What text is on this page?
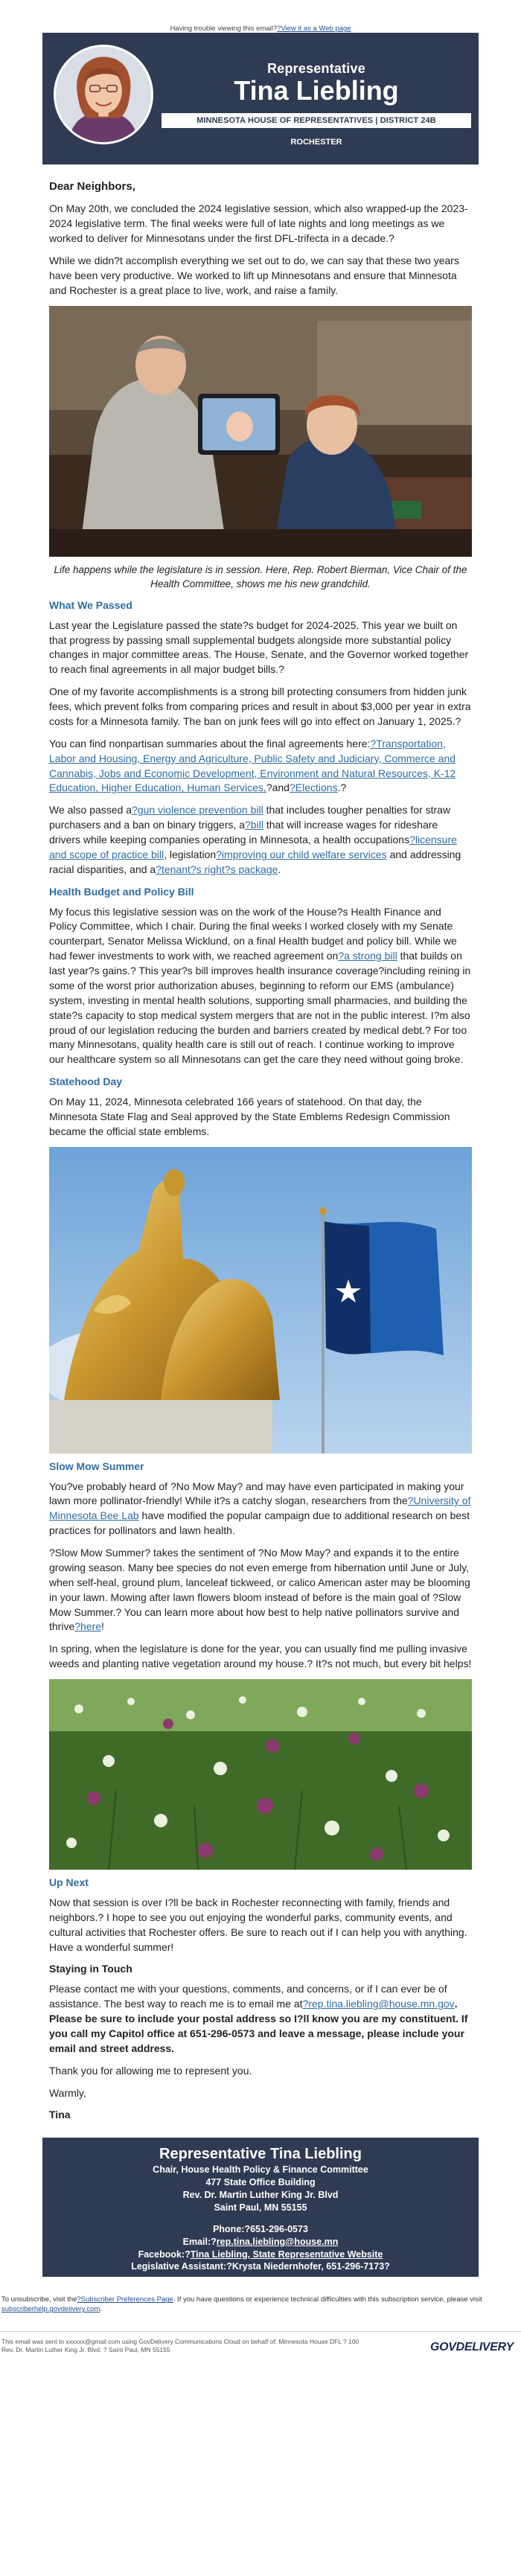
Having trouble viewing this email??View it as a Web page
Representative
Tina Liebling
MINNESOTA HOUSE OF REPRESENTATIVES | DISTRICT 24B
ROCHESTER

Dear Neighbors,

On May 20th, we concluded the 2024 legislative session, which also wrapped-up the 2023-2024 legislative term. The final weeks were full of late nights and long meetings as we worked to deliver for Minnesotans under the first DFL-trifecta in a decade.?

While we didn?t accomplish everything we set out to do, we can say that these two years have been very productive. We worked to lift up Minnesotans and ensure that Minnesota and Rochester is a great place to live, work, and raise a family.

Life happens while the legislature is in session. Here, Rep. Robert Bierman, Vice Chair of the Health Committee, shows me his new grandchild.

What We Passed

Last year the Legislature passed the state?s budget for 2024-2025. This year we built on that progress by passing small supplemental budgets alongside more substantial policy changes in major committee areas. The House, Senate, and the Governor worked together to reach final agreements in all major budget bills.?

One of my favorite accomplishments is a strong bill protecting consumers from hidden junk fees, which prevent folks from comparing prices and result in about $3,000 per year in extra costs for a Minnesota family. The ban on junk fees will go into effect on January 1, 2025.?

You can find nonpartisan summaries about the final agreements here:?Transportation, Labor and Housing, Energy and Agriculture, Public Safety and Judiciary, Commerce and Cannabis, Jobs and Economic Development, Environment and Natural Resources, K-12 Education, Higher Education, Human Services,?and?Elections.?

We also passed a?gun violence prevention bill that includes tougher penalties for straw purchasers and a ban on binary triggers, a?bill that will increase wages for rideshare drivers while keeping companies operating in Minnesota, a health occupations?licensure and scope of practice bill, legislation?improving our child welfare services and addressing racial disparities, and a?tenant?s right?s package.

Health Budget and Policy Bill

My focus this legislative session was on the work of the House?s Health Finance and Policy Committee, which I chair. During the final weeks I worked closely with my Senate counterpart, Senator Melissa Wicklund, on a final Health budget and policy bill. While we had fewer investments to work with, we reached agreement on?a strong bill that builds on last year?s gains.? This year?s bill improves health insurance coverage?including reining in some of the worst prior authorization abuses, beginning to reform our EMS (ambulance) system, investing in mental health solutions, supporting small pharmacies, and building the state?s capacity to stop medical system mergers that are not in the public interest. I?m also proud of our legislation reducing the burden and barriers created by medical debt.? For too many Minnesotans, quality health care is still out of reach. I continue working to improve our healthcare system so all Minnesotans can get the care they need without going broke.

Statehood Day

On May 11, 2024, Minnesota celebrated 166 years of statehood. On that day, the Minnesota State Flag and Seal approved by the State Emblems Redesign Commission became the official state emblems.

Slow Mow Summer

You?ve probably heard of ?No Mow May? and may have even participated in making your lawn more pollinator-friendly! While it?s a catchy slogan, researchers from the?University of Minnesota Bee Lab have modified the popular campaign due to additional research on best practices for pollinators and lawn health.

?Slow Mow Summer? takes the sentiment of ?No Mow May? and expands it to the entire growing season. Many bee species do not even emerge from hibernation until June or July, when self-heal, ground plum, lanceleaf tickweed, or calico American aster may be blooming in your lawn. Mowing after lawn flowers bloom instead of before is the main goal of ?Slow Mow Summer.? You can learn more about how best to help native pollinators survive and thrive?here!

In spring, when the legislature is done for the year, you can usually find me pulling invasive weeds and planting native vegetation around my house.? It?s not much, but every bit helps!

Up Next

Now that session is over I?ll be back in Rochester reconnecting with family, friends and neighbors.? I hope to see you out enjoying the wonderful parks, community events, and cultural activities that Rochester offers. Be sure to reach out if I can help you with anything. Have a wonderful summer!

Staying in Touch

Please contact me with your questions, comments, and concerns, or if I can ever be of assistance. The best way to reach me is to email me at?rep.tina.liebling@house.mn.gov. Please be sure to include your postal address so I?ll know you are my constituent. If you call my Capitol office at 651-296-0573 and leave a message, please include your email and street address.

Thank you for allowing me to represent you.

Warmly,

Tina

Representative Tina Liebling
Chair, House Health Policy & Finance Committee
477 State Office Building
Rev. Dr. Martin Luther King Jr. Blvd
Saint Paul, MN 55155
Phone:?651-296-0573
Email:?rep.tina.liebling@house.mn
Facebook:?Tina Liebling, State Representative Website
Legislative Assistant:?Krysta Niedernhofer, 651-296-7173?
To unsubscribe, visit the?Subscriber Preferences Page. If you have questions or experience technical difficulties with this subscription service, please visit
subscriberhelp.govdelivery.com.
This email was sent to xxxxxx@gmail.com using GovDelivery Communications Cloud on behalf of: Minnesota House DFL ? 100
Rev. Dr. Martin Luther King Jr. Blvd. ? Saint Paul, MN 55155	GOVDELIVERY
